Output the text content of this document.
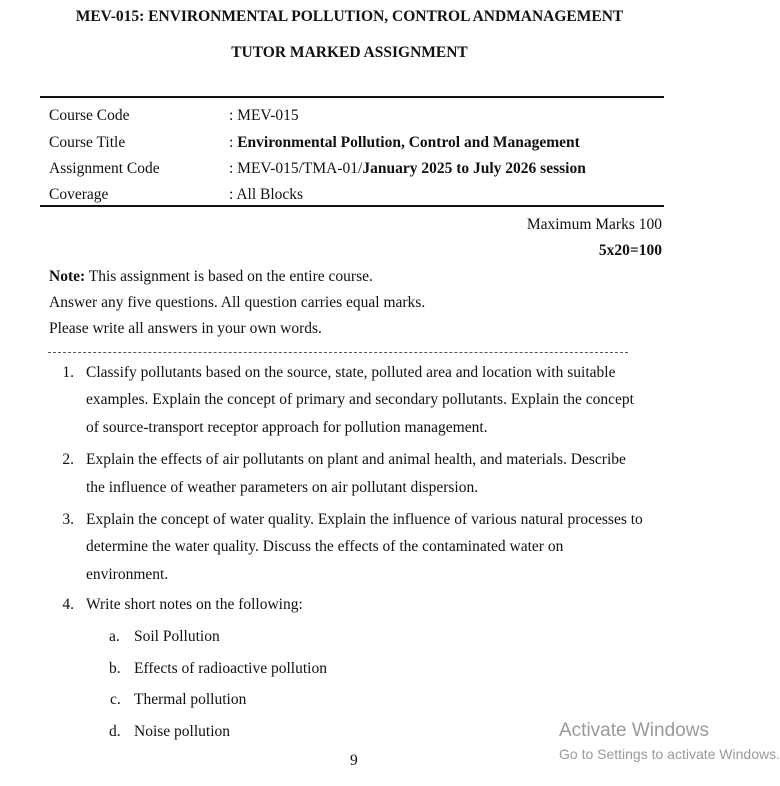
MEV-015: ENVIRONMENTAL POLLUTION, CONTROL ANDMANAGEMENT
TUTOR MARKED ASSIGNMENT
Course Code	: MEV-015
Course Title	: Environmental Pollution, Control and Management
Assignment Code	: MEV-015/TMA-01/January 2025 to July 2026 session
Coverage	: All Blocks
Maximum Marks 100
5x20=100
Note: This assignment is based on the entire course.
Answer any five questions. All question carries equal marks.
Please write all answers in your own words.
1. Classify pollutants based on the source, state, polluted area and location with suitable
examples. Explain the concept of primary and secondary pollutants. Explain the concept
of source-transport receptor approach for pollution management.
2. Explain the effects of air pollutants on plant and animal health, and materials. Describe
the influence of weather parameters on air pollutant dispersion.
3. Explain the concept of water quality. Explain the influence of various natural processes to
determine the water quality. Discuss the effects of the contaminated water on
environment.
4. Write short notes on the following:
a. Soil Pollution
b. Effects of radioactive pollution
c. Thermal pollution
d. Noise pollution
9
Activate Windows
Go to Settings to activate Windows.
